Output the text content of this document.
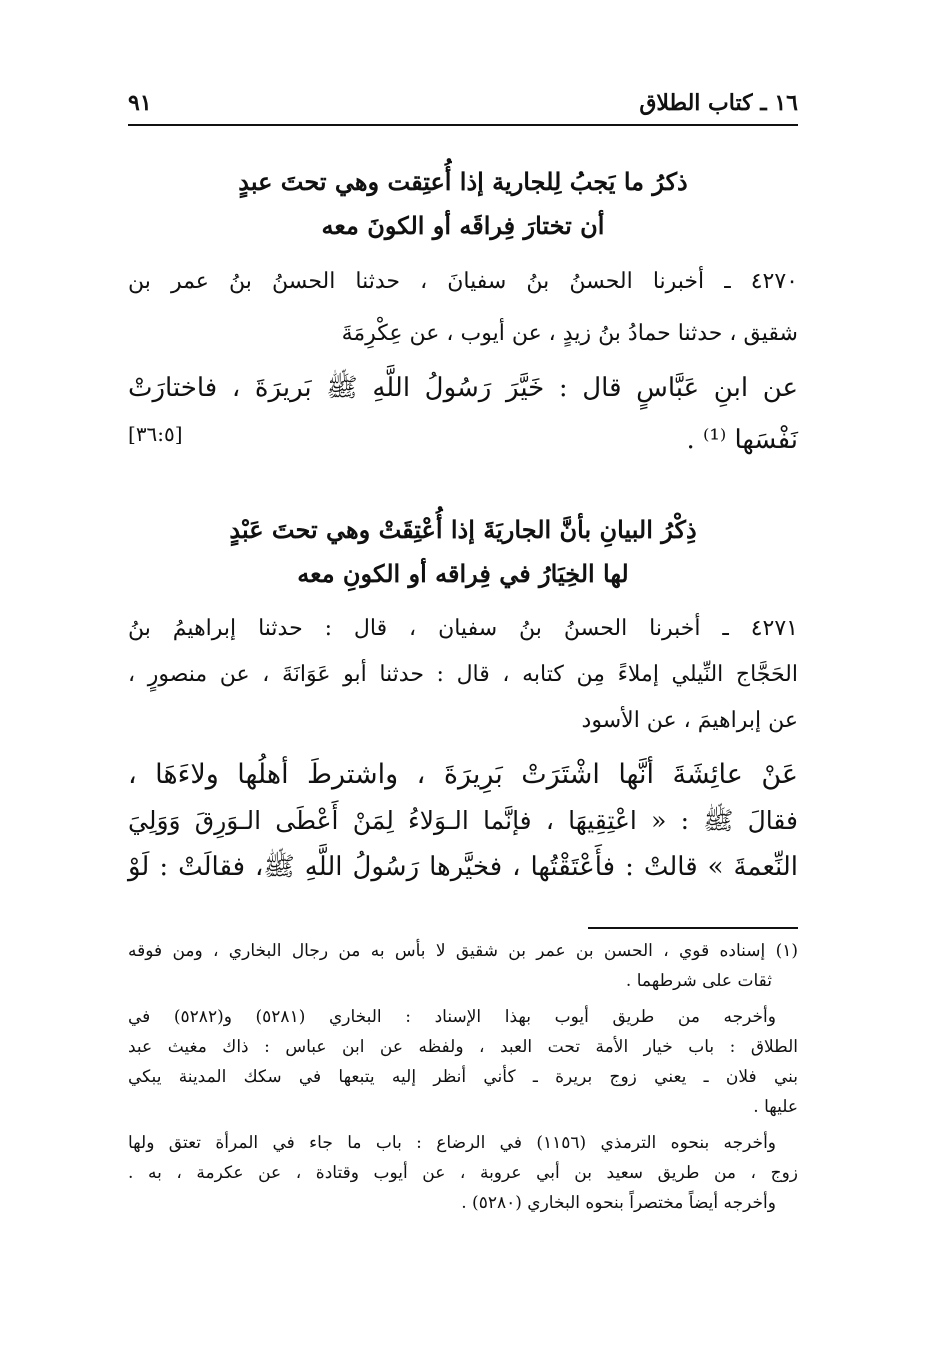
١٦ ـ كتاب الطلاق
٩١
ذكرُ ما يَجبُ لِلجارية إذا أُعتِقت وهي تحتَ عبدٍ
أن تختارَ فِراقَه أو الكونَ معه
٤٢٧٠ ـ أخبرنا الحسنُ بنُ سفيانَ ، حدثنا الحسنُ بنُ عمر بن
شقيق ، حدثنا حمادُ بنُ زيدٍ ، عن أيوب ، عن عِكْرِمَةَ
عن ابنِ عَبَّاسٍ قال : خَيَّرَ رَسُولُ اللَّهِ ﷺ بَريرَةَ ، فاختارَتْ
نَفْسَها ⁽¹⁾ .
[٣٦:٥]
ذِكْرُ البيانِ بأنَّ الجاريَةَ إذا أُعْتِقَتْ وهي تحتَ عَبْدٍ
لها الخِيَارُ في فِراقه أو الكونِ معه
٤٢٧١ ـ أخبرنا الحسنُ بنُ سفيان ، قال : حدثنا إبراهيمُ بنُ
الحَجَّاج النِّيلي إملاءً مِن كتابه ، قال : حدثنا أبو عَوَانَةَ ، عن منصورٍ ،
عن إبراهيمَ ، عن الأسود
عَنْ عائِشَةَ أنَّها اشْتَرَتْ بَرِيرَةَ ، واشترطَ أهلُها ولاءَهَا ،
فقالَ ﷺ : « اعْتِقِيهَا ، فإنَّما الـوَلاءُ لِمَنْ أَعْطَى الـوَرِقَ وَوَلِيَ
النِّعمةَ » قالتْ : فأَعْتَقْتُها ، فخيَّرها رَسُولُ اللَّهِ ﷺ، فقالَتْ : لَوْ
(١) إسناده قوي ، الحسن بن عمر بن شقيق لا بأس به من رجال البخاري ، ومن فوقه
ثقات على شرطهما .
وأخرجه من طريق أيوب بهذا الإسناد : البخاري (٥٢٨١) و(٥٢٨٢) في
الطلاق : باب خيار الأمة تحت العبد ، ولفظه عن ابن عباس : ذاك مغيث عبد
بني فلان ـ يعني زوج بريرة ـ كأني أنظر إليه يتبعها في سكك المدينة يبكي
عليها .
وأخرجه بنحوه الترمذي (١١٥٦) في الرضاع : باب ما جاء في المرأة تعتق ولها
زوج ، من طريق سعيد بن أبي عروبة ، عن أيوب وقتادة ، عن عكرمة ، به .
وأخرجه أيضاً مختصراً بنحوه البخاري (٥٢٨٠) .
